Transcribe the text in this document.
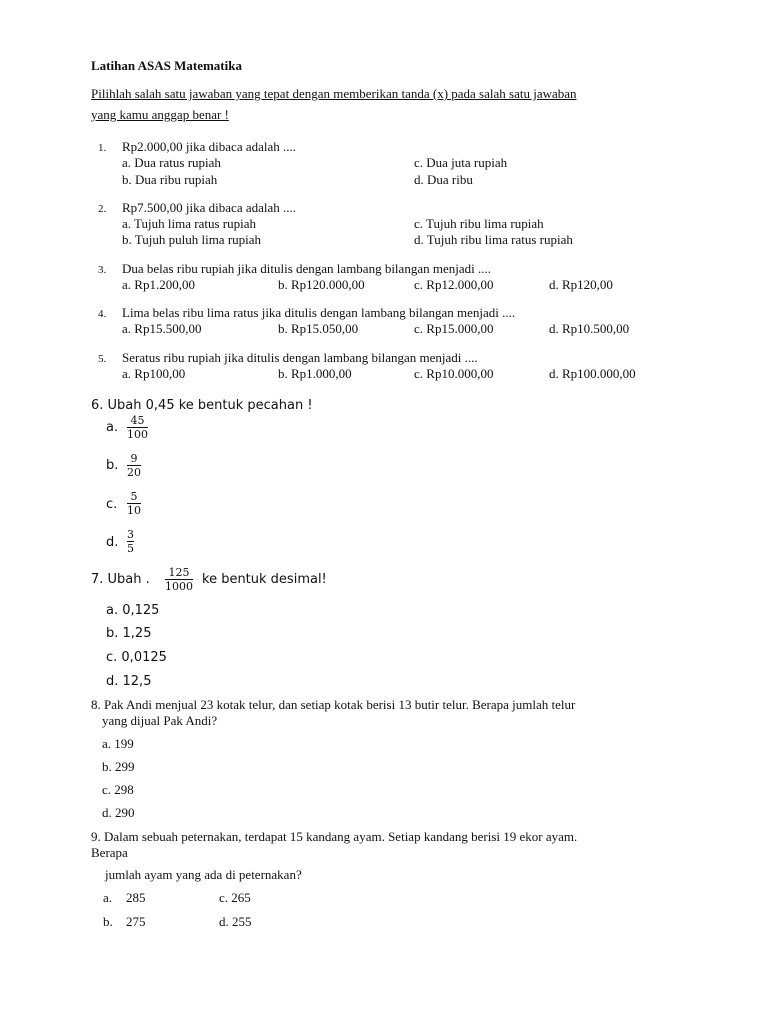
Latihan ASAS Matematika
Pilihlah salah satu jawaban yang tepat dengan memberikan tanda (x) pada salah satu jawaban
yang kamu anggap benar !
1. Rp2.000,00 jika dibaca adalah ....
a. Dua ratus rupiah	c. Dua juta rupiah
b. Dua ribu rupiah	d. Dua ribu
2. Rp7.500,00 jika dibaca adalah ....
a. Tujuh lima ratus rupiah	c. Tujuh ribu lima rupiah
b. Tujuh puluh lima rupiah	d. Tujuh ribu lima ratus rupiah
3. Dua belas ribu rupiah jika ditulis dengan lambang bilangan menjadi ....
a. Rp1.200,00	b. Rp120.000,00	c. Rp12.000,00	d. Rp120,00
4. Lima belas ribu lima ratus jika ditulis dengan lambang bilangan menjadi ....
a. Rp15.500,00	b. Rp15.050,00	c. Rp15.000,00	d. Rp10.500,00
5. Seratus ribu rupiah jika ditulis dengan lambang bilangan menjadi ....
a. Rp100,00	b. Rp1.000,00	c. Rp10.000,00	d. Rp100.000,00
6. Ubah 0,45 ke bentuk pecahan !
a. 45
100
b. 9
20
c.
5
10
d.
3
5
7. Ubah . 125
1000 ke bentuk desimal!
a. 0,125
b. 1,25
c. 0,0125
d. 12,5
8. Pak Andi menjual 23 kotak telur, dan setiap kotak berisi 13 butir telur. Berapa jumlah telur
yang dijual Pak Andi?
a. 199
b. 299
c. 298
d. 290
9. Dalam sebuah peternakan, terdapat 15 kandang ayam. Setiap kandang berisi 19 ekor ayam.
Berapa
jumlah ayam yang ada di peternakan?
a. 285	c. 265
b. 275	d. 255
